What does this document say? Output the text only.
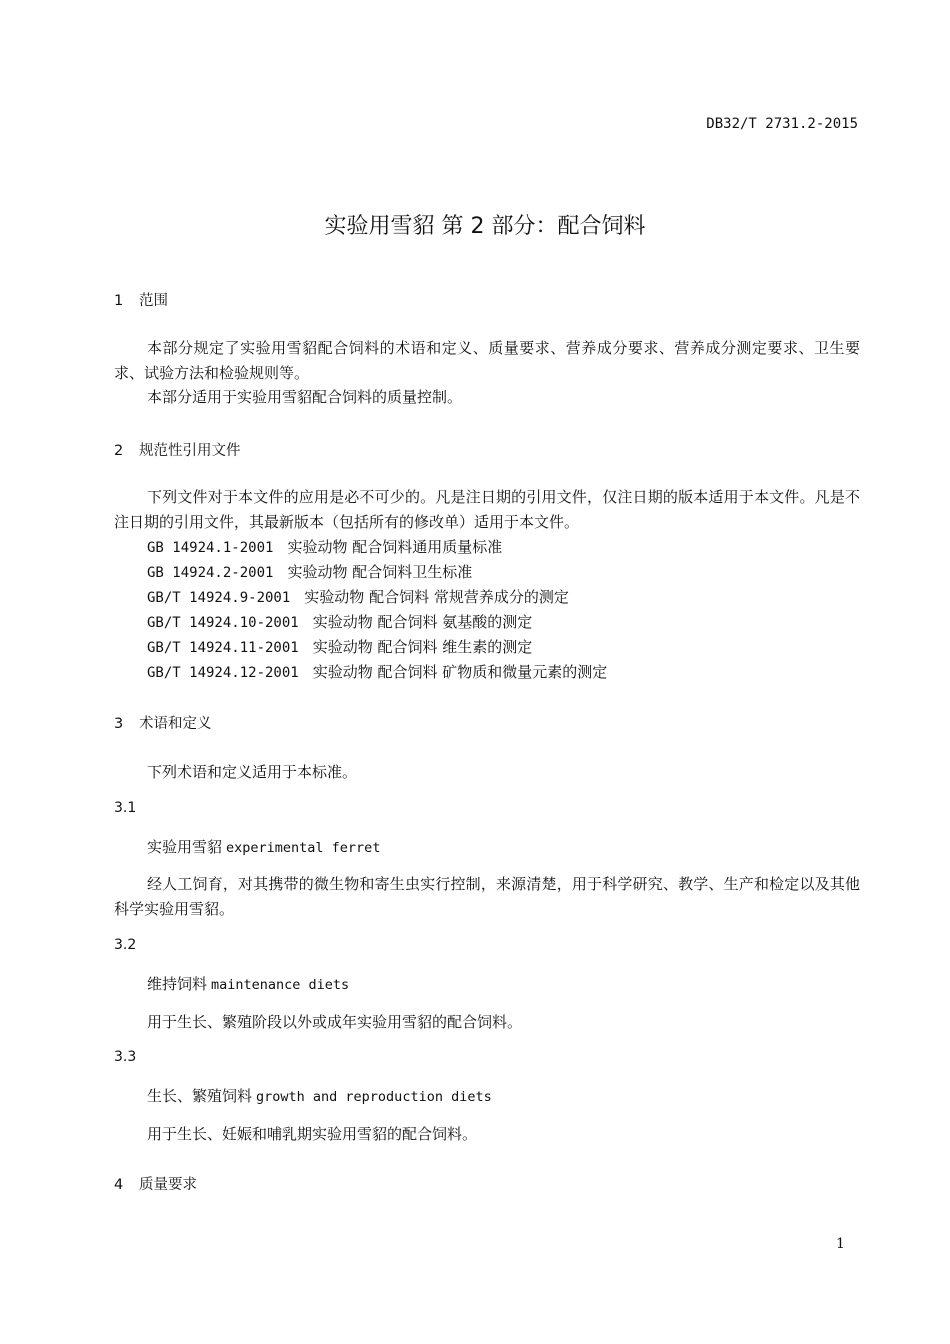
DB32/T 2731.2-2015
实验用雪貂 第 2 部分：配合饲料
1 范围
本部分规定了实验用雪貂配合饲料的术语和定义、质量要求、营养成分要求、营养成分测定要求、卫生要求、试验方法和检验规则等。
本部分适用于实验用雪貂配合饲料的质量控制。
2 规范性引用文件
下列文件对于本文件的应用是必不可少的。凡是注日期的引用文件，仅注日期的版本适用于本文件。凡是不注日期的引用文件，其最新版本（包括所有的修改单）适用于本文件。
GB 14924.1-2001 实验动物 配合饲料通用质量标准
GB 14924.2-2001 实验动物 配合饲料卫生标准
GB/T 14924.9-2001 实验动物 配合饲料 常规营养成分的测定
GB/T 14924.10-2001 实验动物 配合饲料 氨基酸的测定
GB/T 14924.11-2001 实验动物 配合饲料 维生素的测定
GB/T 14924.12-2001 实验动物 配合饲料 矿物质和微量元素的测定
3 术语和定义
下列术语和定义适用于本标准。
3.1
实验用雪貂 experimental ferret
经人工饲育，对其携带的微生物和寄生虫实行控制，来源清楚，用于科学研究、教学、生产和检定以及其他科学实验用雪貂。
3.2
维持饲料 maintenance diets
用于生长、繁殖阶段以外或成年实验用雪貂的配合饲料。
3.3
生长、繁殖饲料 growth and reproduction diets
用于生长、妊娠和哺乳期实验用雪貂的配合饲料。
4 质量要求
1
